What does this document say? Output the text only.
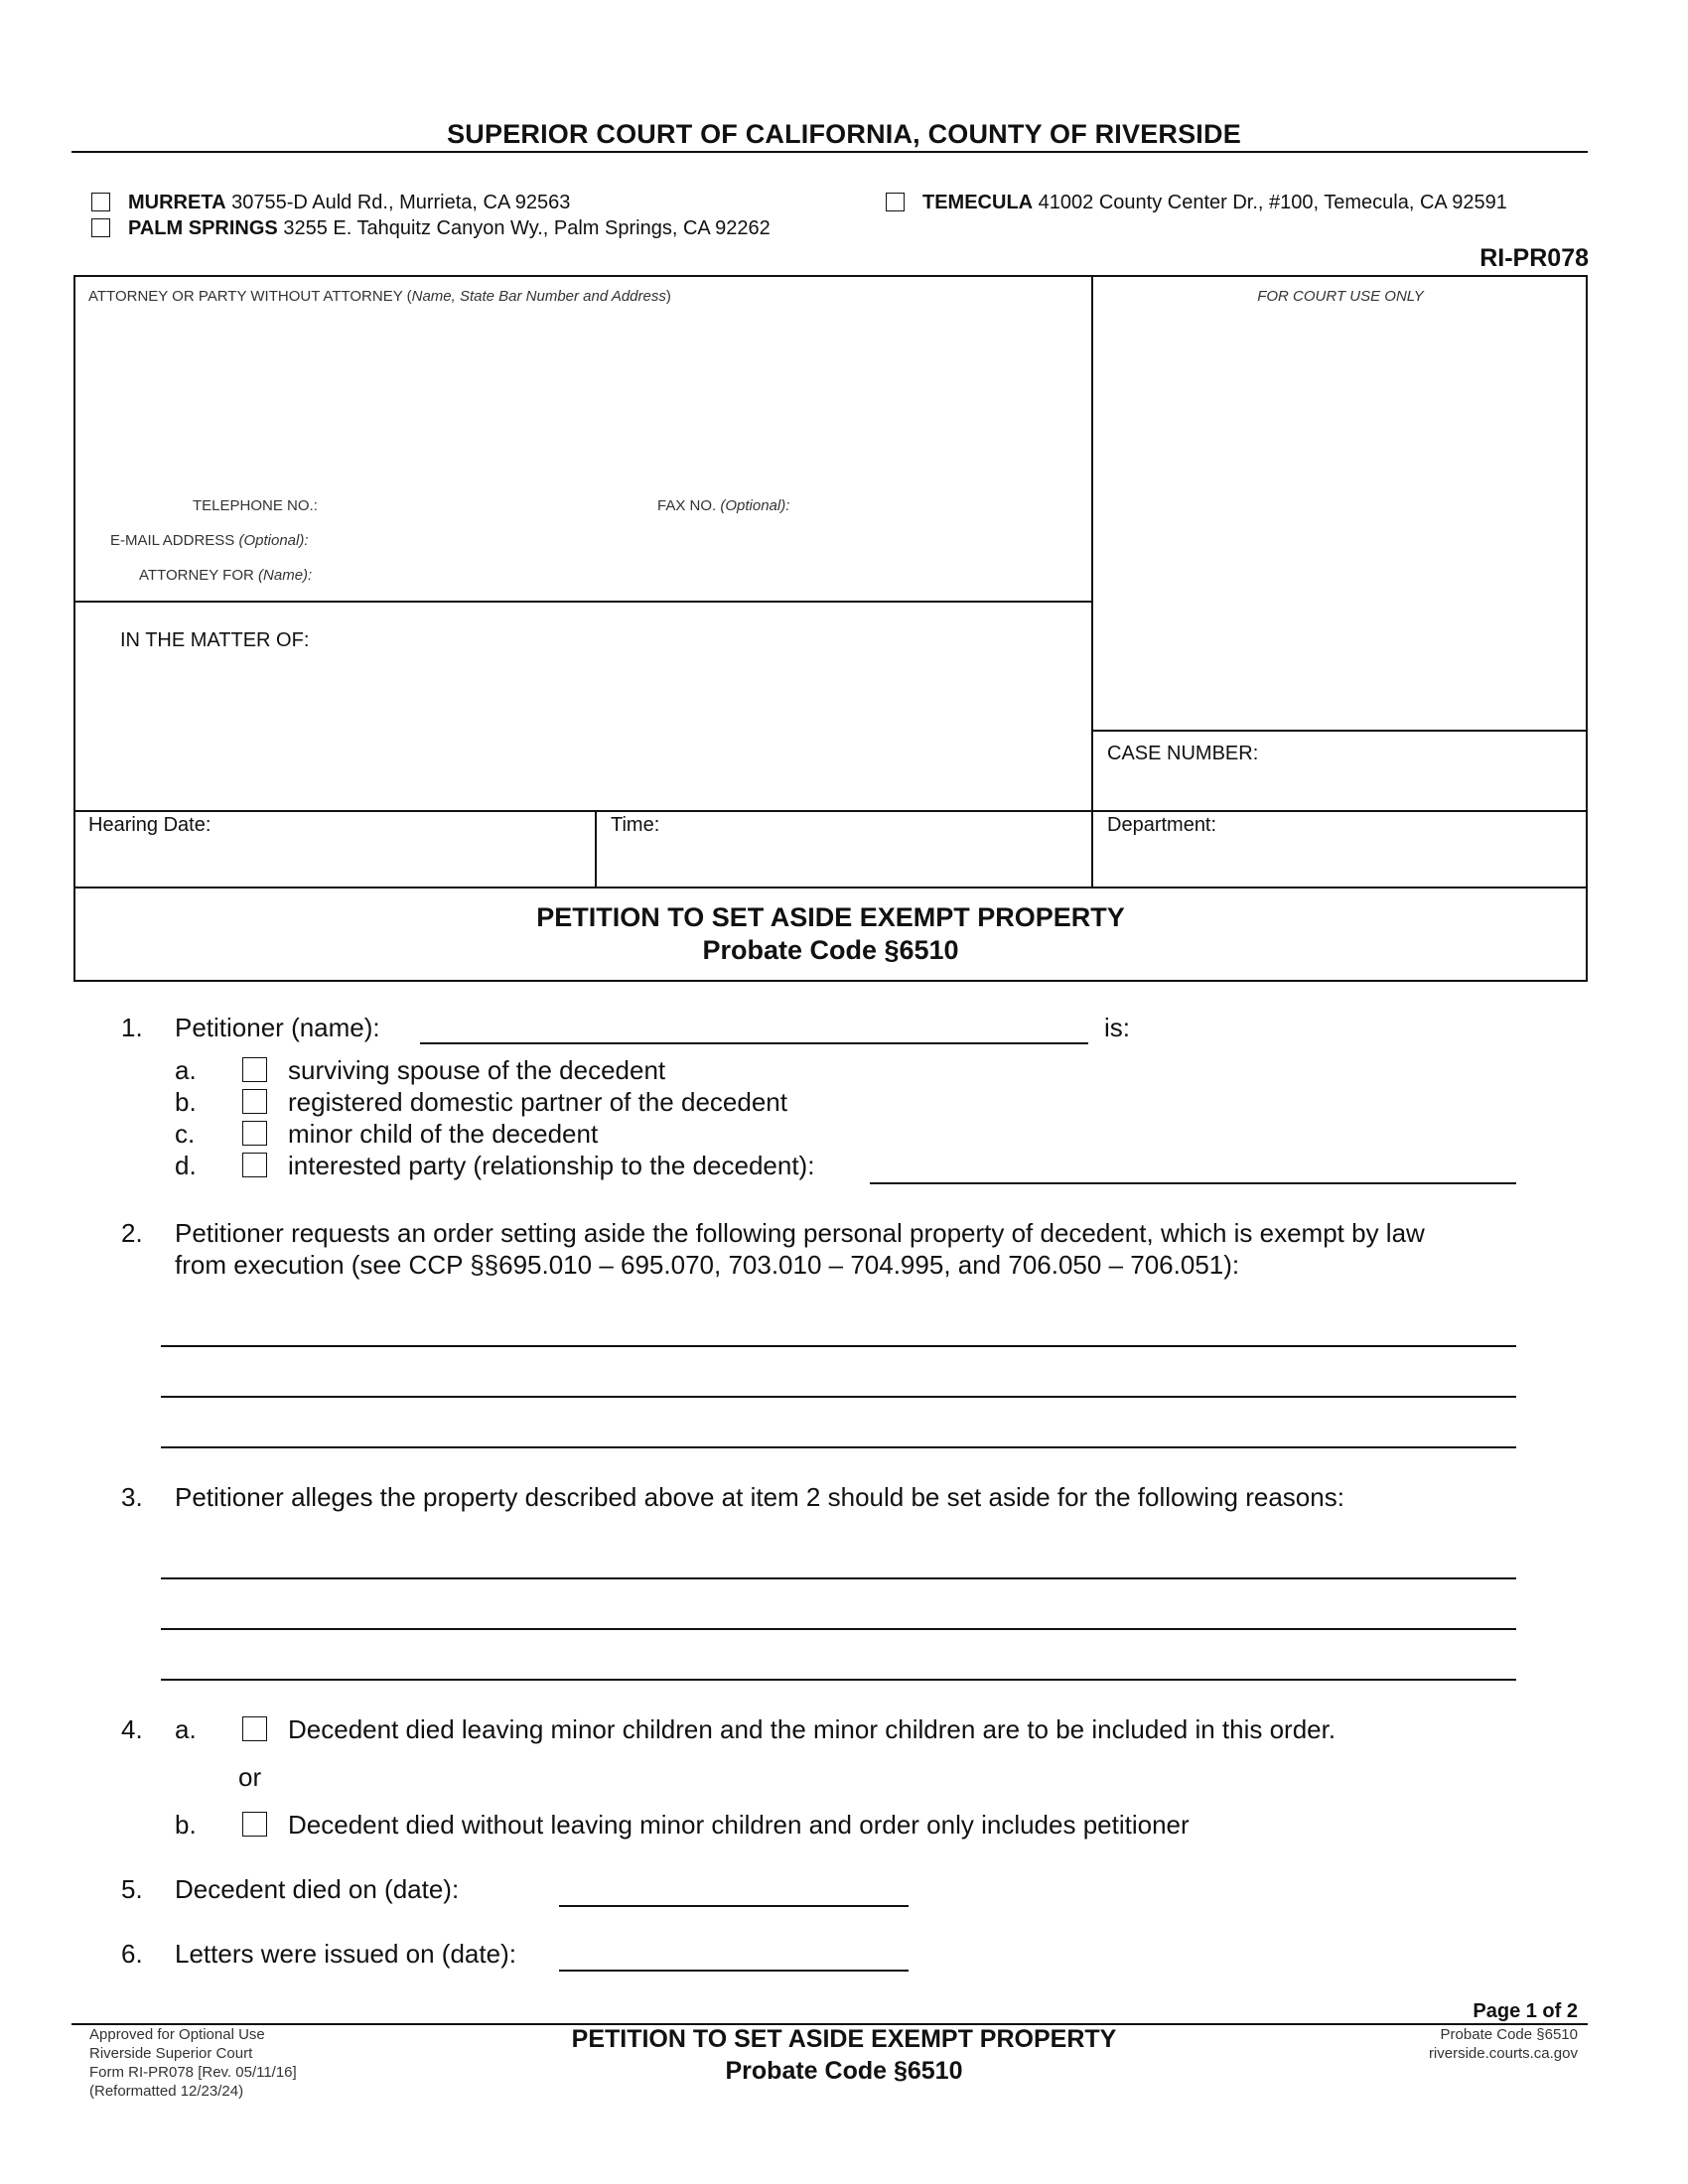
SUPERIOR COURT OF CALIFORNIA, COUNTY OF RIVERSIDE
MURRETA 30755-D Auld Rd., Murrieta, CA 92563
PALM SPRINGS 3255 E. Tahquitz Canyon Wy., Palm Springs, CA 92262
TEMECULA 41002 County Center Dr., #100, Temecula, CA 92591
RI-PR078
ATTORNEY OR PARTY WITHOUT ATTORNEY (Name, State Bar Number and Address)	FOR COURT USE ONLY
TELEPHONE NO.:	FAX NO. (Optional):
E-MAIL ADDRESS (Optional):
ATTORNEY FOR (Name):
IN THE MATTER OF:
CASE NUMBER:
Hearing Date:	Time:	Department:
PETITION TO SET ASIDE EXEMPT PROPERTY
Probate Code §6510
1. Petitioner (name):	is:
a.	surviving spouse of the decedent
b.	registered domestic partner of the decedent
c.	minor child of the decedent
d.	interested party (relationship to the decedent):
2. Petitioner requests an order setting aside the following personal property of decedent, which is exempt by law
from execution (see CCP §§695.010 – 695.070, 703.010 – 704.995, and 706.050 – 706.051):
3. Petitioner alleges the property described above at item 2 should be set aside for the following reasons:
4. a.	Decedent died leaving minor children and the minor children are to be included in this order.
or
b.	Decedent died without leaving minor children and order only includes petitioner
5. Decedent died on (date):
6. Letters were issued on (date):
Page 1 of 2
Approved for Optional Use
Riverside Superior Court
Form RI-PR078 [Rev. 05/11/16]
(Reformatted 12/23/24)
PETITION TO SET ASIDE EXEMPT PROPERTY
Probate Code §6510
Probate Code §6510
riverside.courts.ca.gov
